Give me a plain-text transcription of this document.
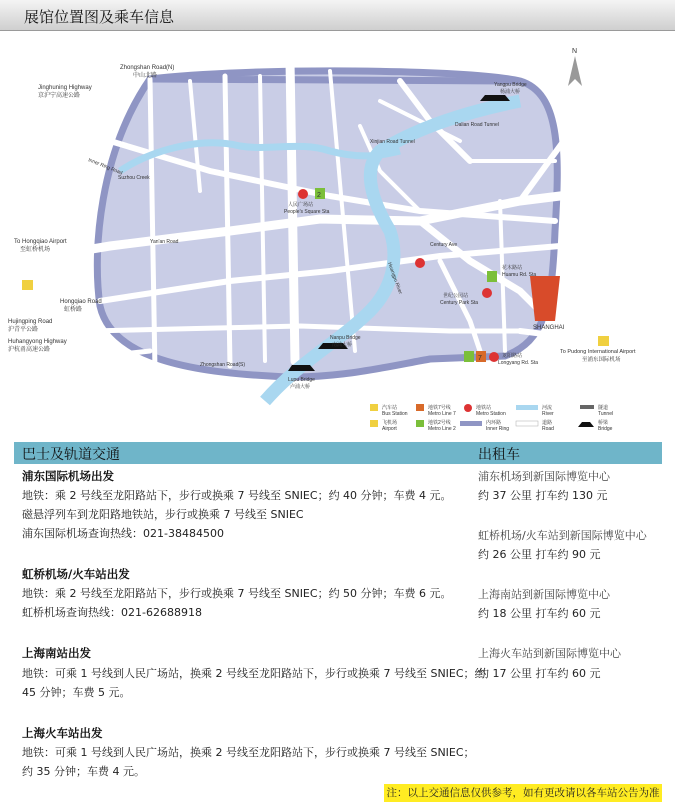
展馆位置图及乘车信息
SHANGHAI
N
Zhongshan Road(N)
中山北路
Jinghuning Highway
京沪宁高速公路
To Hongqiao Airport
至虹桥机场
Hongqiao Road
虹桥路
Hujingping Road
沪青平公路
Huhangyong Highway
沪杭甬高速公路
Yangpu Bridge
杨浦大桥
Nanpu Bridge
南浦大桥
Lupu Bridge
卢浦大桥
人民广场站
People's Square Sta
世纪公园站
Century Park Sta
花木路站
Huamu Rd. Sta
龙阳路站
Longyang Rd. Sta
To Pudong International Airport
至浦东国际机场
Suzhou Creek
Huangpu River
Dalian Road Tunnel
Xinjian Road Tunnel
Inner Ring Road
Yan'an Road	Century Ave
Zhongshan Road(S)
2
7
汽车站
Bus Station
地铁7号线
Metro Line 7
地铁站
Metro Station
河流
River
隧道
Tunnel
飞机场
Airport
地铁2号线
Metro Line 2
内环路
Inner Ring
道路
Road
桥梁
Bridge
巴士及轨道交通	出租车
浦东国际机场出发
地铁：乘 2 号线至龙阳路站下，步行或换乘 7 号线至 SNIEC；约 40 分钟；车费 4 元。
磁悬浮列车到龙阳路地铁站，步行或换乘 7 号线至 SNIEC
浦东国际机场查询热线：021-38484500
虹桥机场/火车站出发
地铁：乘 2 号线至龙阳路站下，步行或换乘 7 号线至 SNIEC；约 50 分钟；车费 6 元。
虹桥机场查询热线：021-62688918
上海南站出发
地铁：可乘 1 号线到人民广场站，换乘 2 号线至龙阳路站下，步行或换乘 7 号线至 SNIEC；约
45 分钟；车费 5 元。
上海火车站出发
地铁：可乘 1 号线到人民广场站，换乘 2 号线至龙阳路站下，步行或换乘 7 号线至 SNIEC；
约 35 分钟；车费 4 元。
浦东机场到新国际博览中心
约 37 公里 打车约 130 元
虹桥机场/火车站到新国际博览中心
约 26 公里 打车约 90 元
上海南站到新国际博览中心
约 18 公里 打车约 60 元
上海火车站到新国际博览中心
约 17 公里 打车约 60 元
注：以上交通信息仅供参考，如有更改请以各车站公告为准
